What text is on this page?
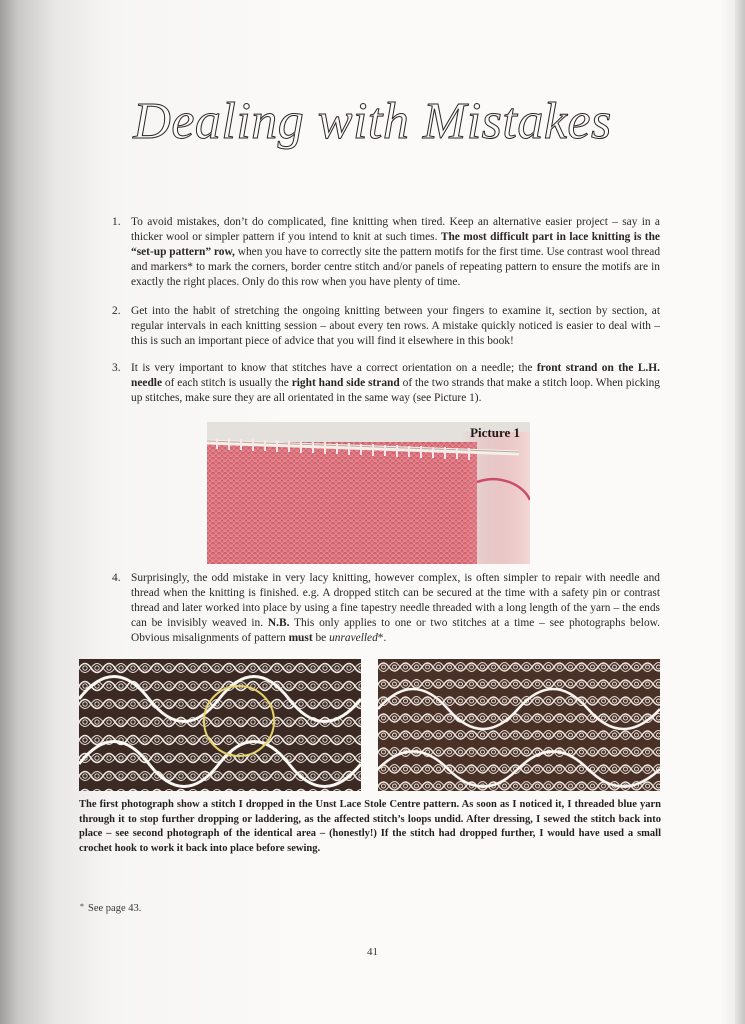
Dealing with Mistakes
1. To avoid mistakes, don’t do complicated, fine knitting when tired. Keep an alternative easier project – say in a thicker wool or simpler pattern if you intend to knit at such times. The most difficult part in lace knitting is the “set-up pattern” row, when you have to correctly site the pattern motifs for the first time. Use contrast wool thread and markers* to mark the corners, border centre stitch and/or panels of repeating pattern to ensure the motifs are in exactly the right places. Only do this row when you have plenty of time.
2. Get into the habit of stretching the ongoing knitting between your fingers to examine it, section by section, at regular intervals in each knitting session – about every ten rows. A mistake quickly noticed is easier to deal with – this is such an important piece of advice that you will find it elsewhere in this book!
3. It is very important to know that stitches have a correct orientation on a needle; the front strand on the L.H. needle of each stitch is usually the right hand side strand of the two strands that make a stitch loop. When picking up stitches, make sure they are all orientated in the same way (see Picture 1).
Picture 1
4. Surprisingly, the odd mistake in very lacy knitting, however complex, is often simpler to repair with needle and thread when the knitting is finished. e.g. A dropped stitch can be secured at the time with a safety pin or contrast thread and later worked into place by using a fine tapestry needle threaded with a long length of the yarn – the ends can be invisibly weaved in. N.B. This only applies to one or two stitches at a time – see photographs below. Obvious misalignments of pattern must be unravelled*.
The first photograph show a stitch I dropped in the Unst Lace Stole Centre pattern. As soon as I noticed it, I threaded blue yarn through it to stop further dropping or laddering, as the affected stitch’s loops undid. After dressing, I sewed the stitch back into place – see second photograph of the identical area – (honestly!) If the stitch had dropped further, I would have used a small crochet hook to work it back into place before sewing.
* See page 43.
41
